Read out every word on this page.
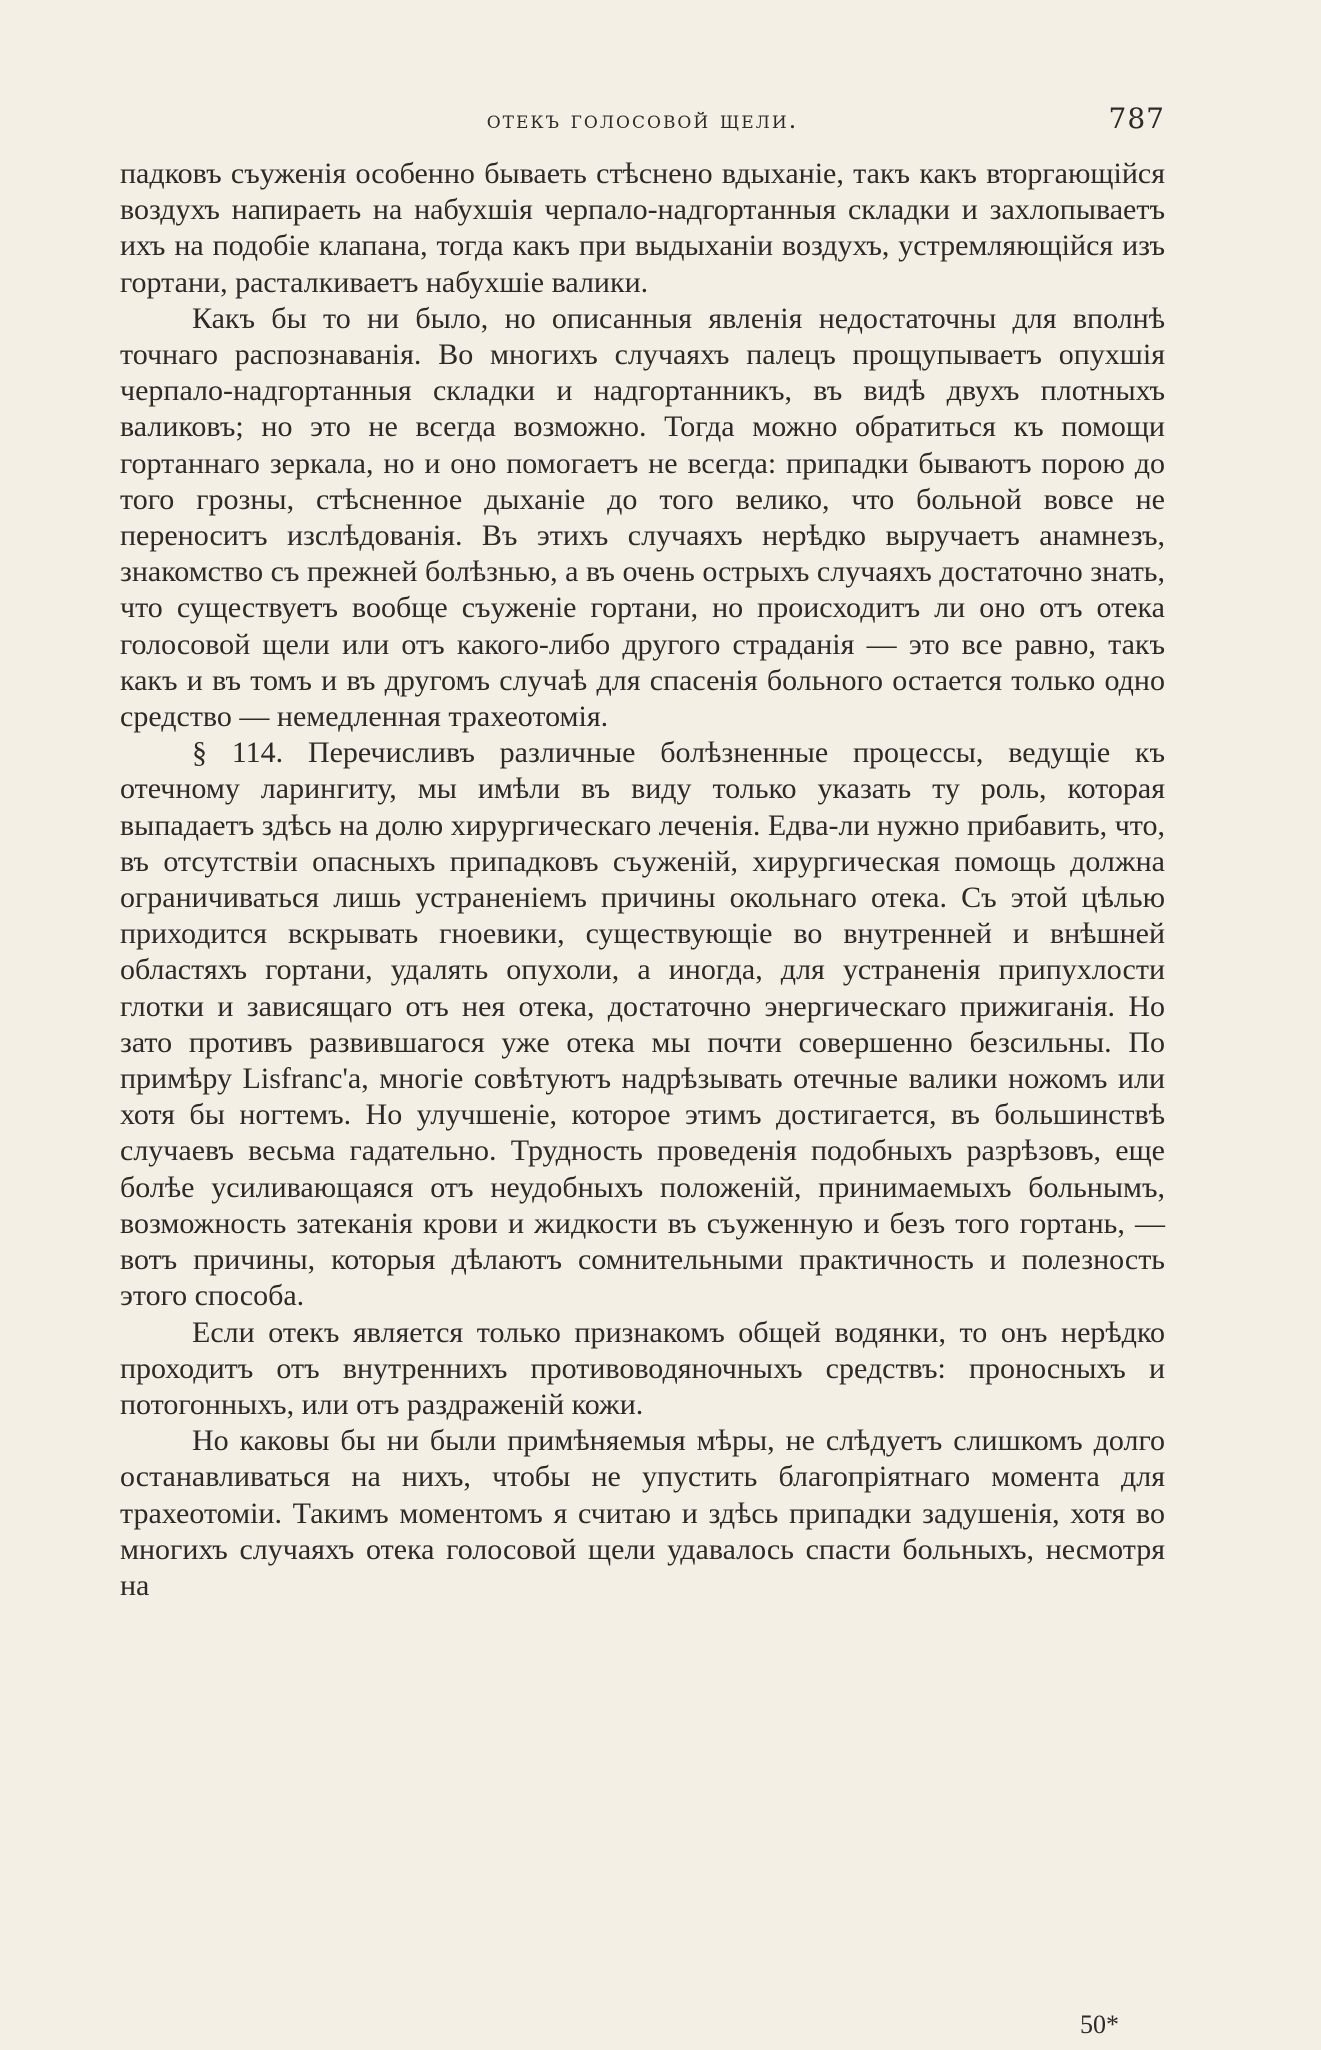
отекъ голосовой щели.	787

падковъ съуженія особенно бываеть стѣснено вдыханіе, такъ какъ вторгающійся воздухъ напираеть на набухшія черпало-надгортанныя складки и захлопываетъ ихъ на подобіе клапана, тогда какъ при выдыханіи воздухъ, устремляющійся изъ гортани, расталкиваетъ набухшіе валики.

Какъ бы то ни было, но описанныя явленія недостаточны для вполнѣ точнаго распознаванія. Во многихъ случаяхъ палецъ прощупываетъ опухшія черпало-надгортанныя складки и надгортанникъ, въ видѣ двухъ плотныхъ валиковъ; но это не всегда возможно. Тогда можно обратиться къ помощи гортаннаго зеркала, но и оно помогаетъ не всегда: припадки бываютъ порою до того грозны, стѣсненное дыханіе до того велико, что больной вовсе не переноситъ изслѣдованія. Въ этихъ случаяхъ нерѣдко выручаетъ анамнезъ, знакомство съ прежней болѣзнью, а въ очень острыхъ случаяхъ достаточно знать, что существуетъ вообще съуженіе гортани, но происходитъ ли оно отъ отека голосовой щели или отъ какого-либо другого страданія — это все равно, такъ какъ и въ томъ и въ другомъ случаѣ для спасенія больного остается только одно средство — немедленная трахеотомія.

§ 114. Перечисливъ различные болѣзненные процессы, ведущіе къ отечному ларингиту, мы имѣли въ виду только указать ту роль, которая выпадаетъ здѣсь на долю хирургическаго леченія. Едва-ли нужно прибавить, что, въ отсутствіи опасныхъ припадковъ съуженій, хирургическая помощь должна ограничиваться лишь устраненіемъ причины окольнаго отека. Съ этой цѣлью приходится вскрывать гноевики, существующіе во внутренней и внѣшней областяхъ гортани, удалять опухоли, а иногда, для устраненія припухлости глотки и зависящаго отъ нея отека, достаточно энергическаго прижиганія. Но зато противъ развившагося уже отека мы почти совершенно безсильны. По примѣру Lisfranc'а, многіе совѣтуютъ надрѣзывать отечные валики ножомъ или хотя бы ногтемъ. Но улучшеніе, которое этимъ достигается, въ большинствѣ случаевъ весьма гадательно. Трудность проведенія подобныхъ разрѣзовъ, еще болѣе усиливающаяся отъ неудобныхъ положеній, принимаемыхъ больнымъ, возможность затеканія крови и жидкости въ съуженную и безъ того гортань, — вотъ причины, которыя дѣлаютъ сомнительными практичность и полезность этого способа.

Если отекъ является только признакомъ общей водянки, то онъ нерѣдко проходитъ отъ внутреннихъ противоводяночныхъ средствъ: проносныхъ и потогонныхъ, или отъ раздраженій кожи.

Но каковы бы ни были примѣняемыя мѣры, не слѣдуетъ слишкомъ долго останавливаться на нихъ, чтобы не упустить благопріятнаго момента для трахеотоміи. Такимъ моментомъ я считаю и здѣсь припадки задушенія, хотя во многихъ случаяхъ отека голосовой щели удавалось спасти больныхъ, несмотря на

50*
